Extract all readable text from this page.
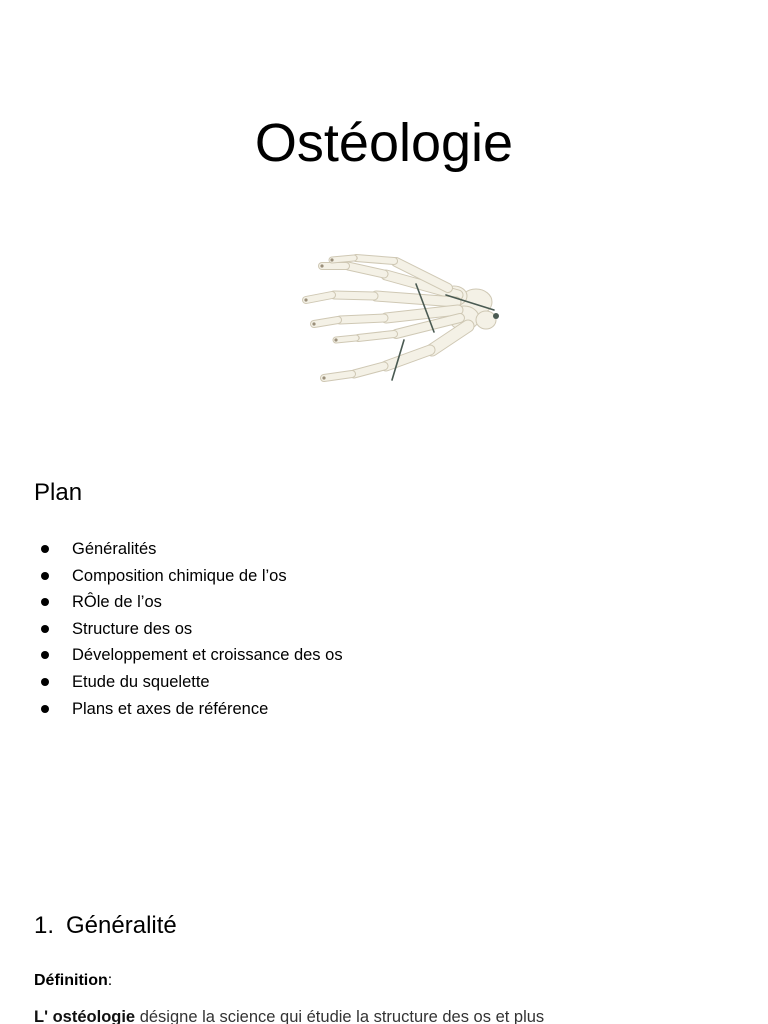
Ostéologie
Plan
Généralités
Composition chimique de l’os
RÔle de l’os
Structure des os
Développement et croissance des os
Etude du squelette
Plans et axes de référence
1. Généralité

Définition:

L' ostéologie désigne la science qui étudie la structure des os et plus
